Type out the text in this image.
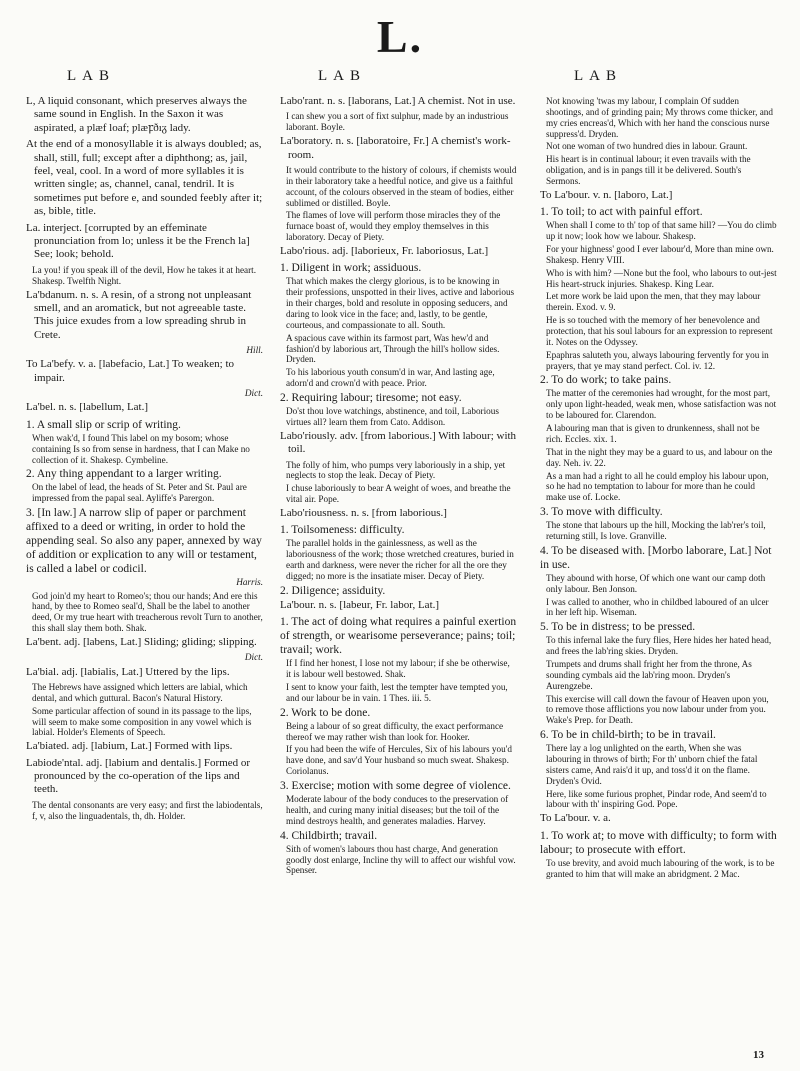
L.
LAB	LAB	LAB
L, A liquid consonant, which preserves always the same sound in English. In the Saxon it was aspirated, a ƿlæf loaf; ƿlæꝼðıᵹ lady.
At the end of a monosyllable it is always doubled; as, shall, still, full; except after a diphthong; as, jail, feel, veal, cool. In a word of more syllables it is written single; as, channel, canal, tendril. It is sometimes put before e, and sounded feebly after it; as, bible, title.
La. interject. [corrupted by an effeminate pronunciation from lo; unless it be the French la] See; look; behold.
La you! if you speak ill of the devil, How he takes it at heart. Shakesp. Twelfth Night.
La'bdanum. n. s. A resin, of a strong not unpleasant smell, and an aromatick, but not agreeable taste. This juice exudes from a low spreading shrub in Crete.
Hill.
To La'befy. v. a. [labefacio, Lat.] To weaken; to impair.
Dict.
La'bel. n. s. [labellum, Lat.]
1. A small slip or scrip of writing.
When wak'd, I found This label on my bosom; whose containing Is so from sense in hardness, that I can Make no collection of it. Shakesp. Cymbeline.
2. Any thing appendant to a larger writing.
On the label of lead, the heads of St. Peter and St. Paul are impressed from the papal seal. Ayliffe's Parergon.
3. [In law.] A narrow slip of paper or parchment affixed to a deed or writing, in order to hold the appending seal. So also any paper, annexed by way of addition or explication to any will or testament, is called a label or codicil.
Harris.
God join'd my heart to Romeo's; thou our hands; And ere this hand, by thee to Romeo seal'd, Shall be the label to another deed, Or my true heart with treacherous revolt Turn to another, this shall slay them both. Shak.
La'bent. adj. [labens, Lat.] Sliding; gliding; slipping.
Dict.
La'bial. adj. [labialis, Lat.] Uttered by the lips.
The Hebrews have assigned which letters are labial, which dental, and which guttural. Bacon's Natural History.
Some particular affection of sound in its passage to the lips, will seem to make some composition in any vowel which is labial. Holder's Elements of Speech.
La'biated. adj. [labium, Lat.] Formed with lips.
Labiode'ntal. adj. [labium and dentalis.] Formed or pronounced by the co-operation of the lips and teeth.
The dental consonants are very easy; and first the labiodentals, f, v, also the linguadentals, th, dh. Holder.
Labo'rant. n. s. [laborans, Lat.] A chemist. Not in use.
I can shew you a sort of fixt sulphur, made by an industrious laborant. Boyle.
La'boratory. n. s. [laboratoire, Fr.] A chemist's work-room.
It would contribute to the history of colours, if chemists would in their laboratory take a heedful notice, and give us a faithful account, of the colours observed in the steam of bodies, either sublimed or distilled. Boyle.
The flames of love will perform those miracles they of the furnace boast of, would they employ themselves in this laboratory. Decay of Piety.
Labo'rious. adj. [laborieux, Fr. laboriosus, Lat.]
1. Diligent in work; assiduous.
That which makes the clergy glorious, is to be knowing in their professions, unspotted in their lives, active and laborious in their charges, bold and resolute in opposing seducers, and daring to look vice in the face; and, lastly, to be gentle, courteous, and compassionate to all. South.
A spacious cave within its farmost part, Was hew'd and fashion'd by laborious art, Through the hill's hollow sides. Dryden.
To his laborious youth consum'd in war, And lasting age, adorn'd and crown'd with peace. Prior.
2. Requiring labour; tiresome; not easy.
Do'st thou love watchings, abstinence, and toil, Laborious virtues all? learn them from Cato. Addison.
Labo'riously. adv. [from laborious.] With labour; with toil.
The folly of him, who pumps very laboriously in a ship, yet neglects to stop the leak. Decay of Piety.
I chuse laboriously to bear A weight of woes, and breathe the vital air. Pope.
Labo'riousness. n. s. [from laborious.]
1. Toilsomeness: difficulty.
The parallel holds in the gainlessness, as well as the laboriousness of the work; those wretched creatures, buried in earth and darkness, were never the richer for all the ore they digged; no more is the insatiate miser. Decay of Piety.
2. Diligence; assiduity.
La'bour. n. s. [labeur, Fr. labor, Lat.]
1. The act of doing what requires a painful exertion of strength, or wearisome perseverance; pains; toil; travail; work.
If I find her honest, I lose not my labour; if she be otherwise, it is labour well bestowed. Shak.
I sent to know your faith, lest the tempter have tempted you, and our labour be in vain. 1 Thes. iii. 5.
2. Work to be done.
Being a labour of so great difficulty, the exact performance thereof we may rather wish than look for. Hooker.
If you had been the wife of Hercules, Six of his labours you'd have done, and sav'd Your husband so much sweat. Shakesp. Coriolanus.
3. Exercise; motion with some degree of violence.
Moderate labour of the body conduces to the preservation of health, and curing many initial diseases; but the toil of the mind destroys health, and generates maladies. Harvey.
4. Childbirth; travail.
Sith of women's labours thou hast charge, And generation goodly dost enlarge, Incline thy will to affect our wishful vow. Spenser.
Not knowing 'twas my labour, I complain Of sudden shootings, and of grinding pain; My throws come thicker, and my cries encreas'd, Which with her hand the conscious nurse suppress'd. Dryden.
Not one woman of two hundred dies in labour. Graunt.
His heart is in continual labour; it even travails with the obligation, and is in pangs till it be delivered. South's Sermons.
To La'bour. v. n. [laboro, Lat.]
1. To toil; to act with painful effort.
When shall I come to th' top of that same hill? —You do climb up it now; look how we labour. Shakesp.
For your highness' good I ever labour'd, More than mine own. Shakesp. Henry VIII.
Who is with him? —None but the fool, who labours to out-jest His heart-struck injuries. Shakesp. King Lear.
Let more work be laid upon the men, that they may labour therein. Exod. v. 9.
He is so touched with the memory of her benevolence and protection, that his soul labours for an expression to represent it. Notes on the Odyssey.
Epaphras saluteth you, always labouring fervently for you in prayers, that ye may stand perfect. Col. iv. 12.
2. To do work; to take pains.
The matter of the ceremonies had wrought, for the most part, only upon light-headed, weak men, whose satisfaction was not to be laboured for. Clarendon.
A labouring man that is given to drunkenness, shall not be rich. Eccles. xix. 1.
That in the night they may be a guard to us, and labour on the day. Neh. iv. 22.
As a man had a right to all he could employ his labour upon, so he had no temptation to labour for more than he could make use of. Locke.
3. To move with difficulty.
The stone that labours up the hill, Mocking the lab'rer's toil, returning still, Is love. Granville.
4. To be diseased with. [Morbo laborare, Lat.] Not in use.
They abound with horse, Of which one want our camp doth only labour. Ben Jonson.
I was called to another, who in childbed laboured of an ulcer in her left hip. Wiseman.
5. To be in distress; to be pressed.
To this infernal lake the fury flies, Here hides her hated head, and frees the lab'ring skies. Dryden.
Trumpets and drums shall fright her from the throne, As sounding cymbals aid the lab'ring moon. Dryden's Aurengzebe.
This exercise will call down the favour of Heaven upon you, to remove those afflictions you now labour under from you. Wake's Prep. for Death.
6. To be in child-birth; to be in travail.
There lay a log unlighted on the earth, When she was labouring in throws of birth; For th' unborn chief the fatal sisters came, And rais'd it up, and toss'd it on the flame. Dryden's Ovid.
Here, like some furious prophet, Pindar rode, And seem'd to labour with th' inspiring God. Pope.
To La'bour. v. a.
1. To work at; to move with difficulty; to form with labour; to prosecute with effort.
To use brevity, and avoid much labouring of the work, is to be granted to him that will make an abridgment. 2 Mac.
13
